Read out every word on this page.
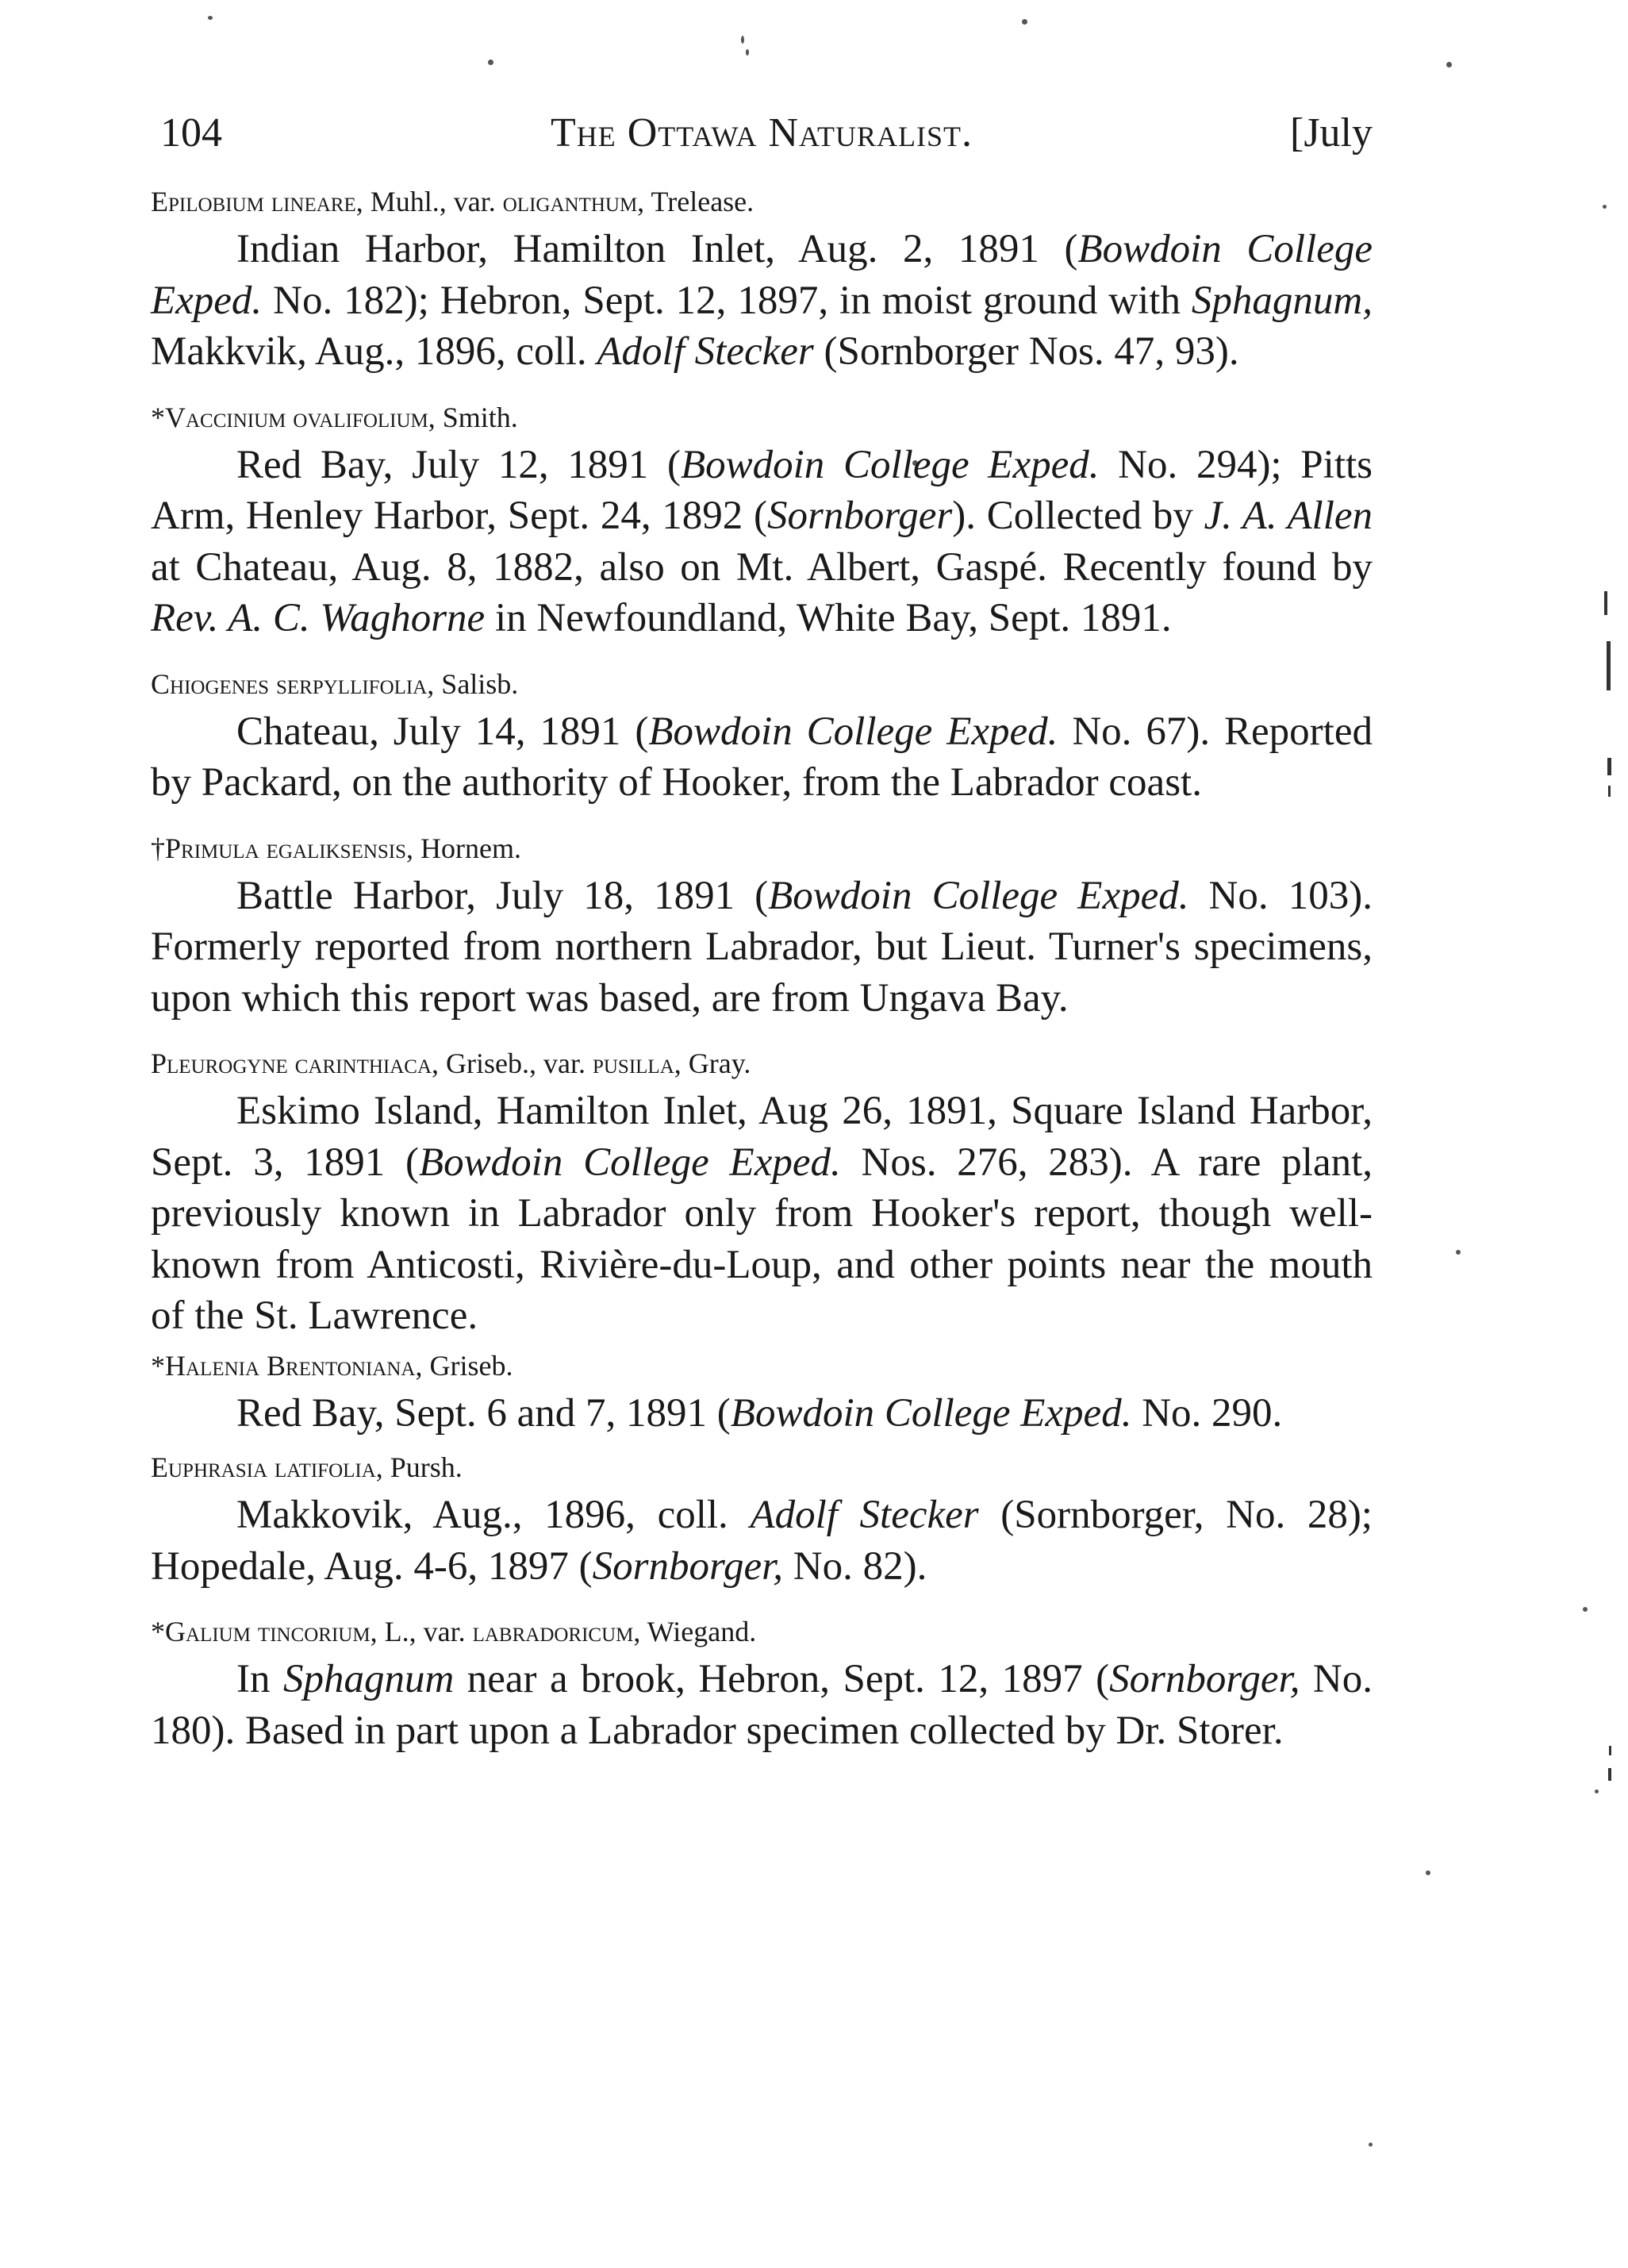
104	The Ottawa Naturalist.	[July
Epilobium lineare, Muhl., var. oliganthum, Trelease.

Indian Harbor, Hamilton Inlet, Aug. 2, 1891 (Bowdoin College Exped. No. 182); Hebron, Sept. 12, 1897, in moist ground with Sphagnum, Makkvik, Aug., 1896, coll. Adolf Stecker (Sornborger Nos. 47, 93).

*Vaccinium ovalifolium, Smith.

Red Bay, July 12, 1891 (Bowdoin College Exped. No. 294); Pitts Arm, Henley Harbor, Sept. 24, 1892 (Sornborger). Collected by J. A. Allen at Chateau, Aug. 8, 1882, also on Mt. Albert, Gaspé. Recently found by Rev. A. C. Waghorne in Newfoundland, White Bay, Sept. 1891.

Chiogenes serpyllifolia, Salisb.

Chateau, July 14, 1891 (Bowdoin College Exped. No. 67). Reported by Packard, on the authority of Hooker, from the Labrador coast.

†Primula egaliksensis, Hornem.

Battle Harbor, July 18, 1891 (Bowdoin College Exped. No. 103). Formerly reported from northern Labrador, but Lieut. Turner's specimens, upon which this report was based, are from Ungava Bay.

Pleurogyne carinthiaca, Griseb., var. pusilla, Gray.

Eskimo Island, Hamilton Inlet, Aug 26, 1891, Square Island Harbor, Sept. 3, 1891 (Bowdoin College Exped. Nos. 276, 283). A rare plant, previously known in Labrador only from Hooker's report, though well-known from Anticosti, Rivière-du-Loup, and other points near the mouth of the St. Lawrence.

*Halenia Brentoniana, Griseb.

Red Bay, Sept. 6 and 7, 1891 (Bowdoin College Exped. No. 290.

Euphrasia latifolia, Pursh.

Makkovik, Aug., 1896, coll. Adolf Stecker (Sornborger, No. 28); Hopedale, Aug. 4-6, 1897 (Sornborger, No. 82).

*Galium tincorium, L., var. labradoricum, Wiegand.

In Sphagnum near a brook, Hebron, Sept. 12, 1897 (Sornborger, No. 180). Based in part upon a Labrador specimen collected by Dr. Storer.
